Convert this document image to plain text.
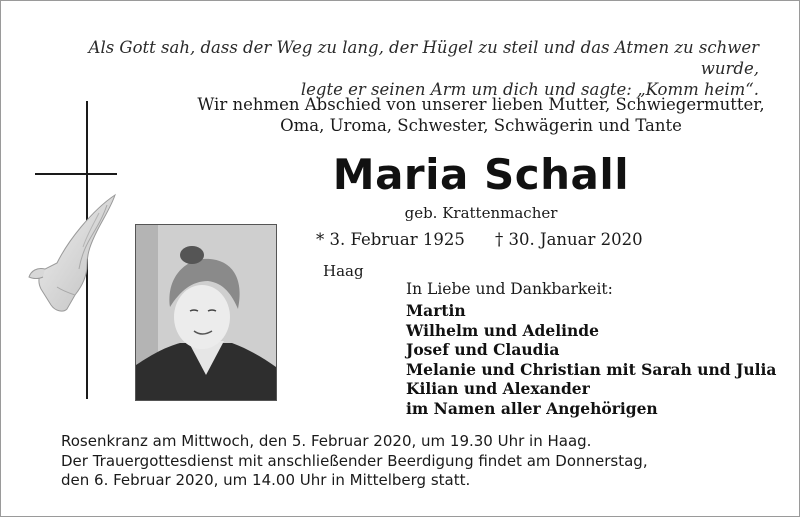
Als Gott sah, dass der Weg zu lang, der Hügel zu steil und das Atmen zu schwer wurde,
legte er seinen Arm um dich und sagte: „Komm heim“.
Wir nehmen Abschied von unserer lieben Mutter, Schwiegermutter,
Oma, Uroma, Schwester, Schwägerin und Tante
Maria Schall
geb. Krattenmacher
* 3. Februar 1925 † 30. Januar 2020
Haag
In Liebe und Dankbarkeit:
Martin
Wilhelm und Adelinde
Josef und Claudia
Melanie und Christian mit Sarah und Julia
Kilian und Alexander
im Namen aller Angehörigen
Rosenkranz am Mittwoch, den 5. Februar 2020, um 19.30 Uhr in Haag.
Der Trauergottesdienst mit anschließender Beerdigung findet am Donnerstag,
den 6. Februar 2020, um 14.00 Uhr in Mittelberg statt.
